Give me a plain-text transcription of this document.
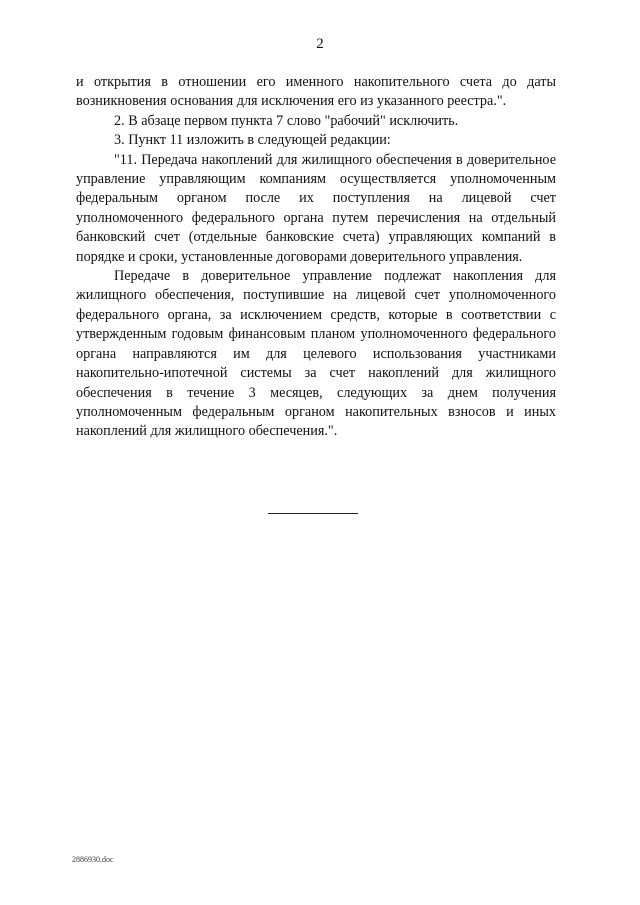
2

и открытия в отношении его именного накопительного счета до даты возникновения основания для исключения его из указанного реестра.".

2. В абзаце первом пункта 7 слово "рабочий" исключить.

3. Пункт 11 изложить в следующей редакции:

"11. Передача накоплений для жилищного обеспечения в доверительное управление управляющим компаниям осуществляется уполномоченным федеральным органом после их поступления на лицевой счет уполномоченного федерального органа путем перечисления на отдельный банковский счет (отдельные банковские счета) управляющих компаний в порядке и сроки, установленные договорами доверительного управления.

Передаче в доверительное управление подлежат накопления для жилищного обеспечения, поступившие на лицевой счет уполномоченного федерального органа, за исключением средств, которые в соответствии с утвержденным годовым финансовым планом уполномоченного федерального органа направляются им для целевого использования участниками накопительно-ипотечной системы за счет накоплений для жилищного обеспечения в течение 3 месяцев, следующих за днем получения уполномоченным федеральным органом накопительных взносов и иных накоплений для жилищного обеспечения.".

2886930.doc
